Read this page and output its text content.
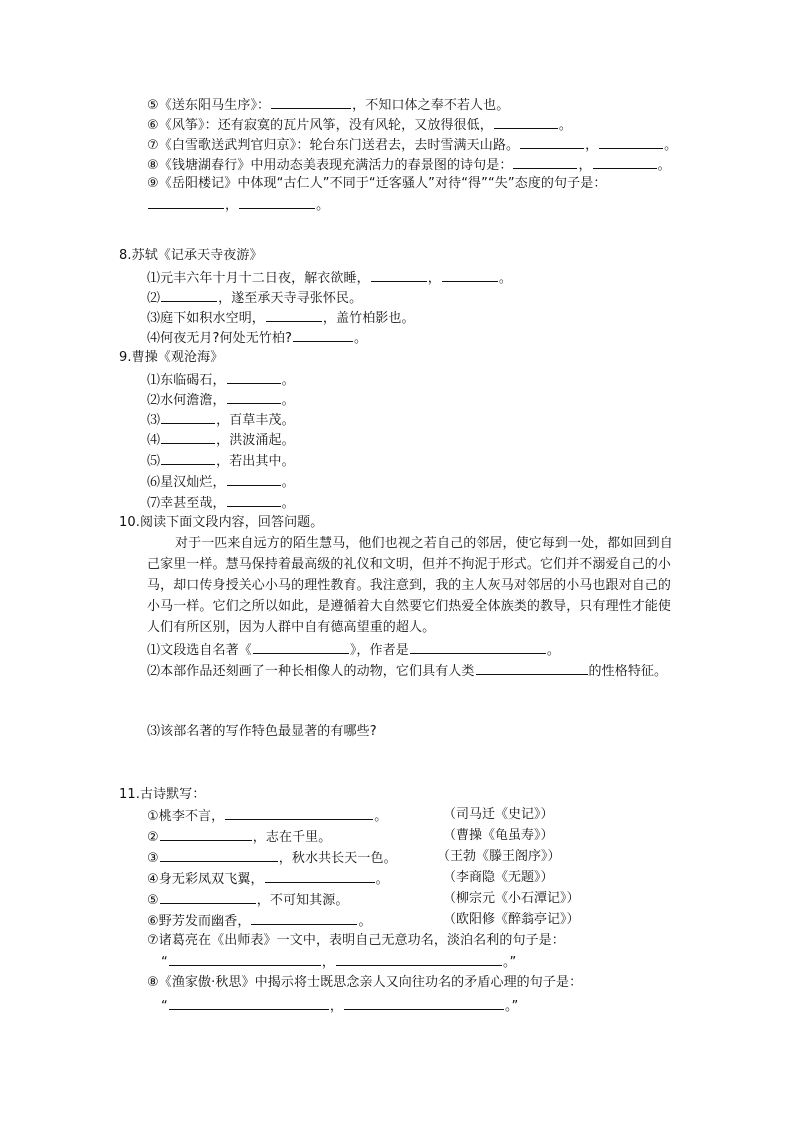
⑤《送东阳马生序》：	，不知口体之奉不若人也。
⑥《风筝》：还有寂寞的瓦片风筝，没有风轮，又放得很低，	。
⑦《白雪歌送武判官归京》：轮台东门送君去，去时雪满天山路。	，	。
⑧《钱塘湖春行》中用动态美表现充满活力的春景图的诗句是：	，	。
⑨《岳阳楼记》中体现“古仁人”不同于“迁客骚人”对待“得”“失”态度的句子是：
，	。
8.苏轼《记承天寺夜游》
⑴元丰六年十月十二日夜，解衣欲睡，	，	。
⑵	，遂至承天寺寻张怀民。
⑶庭下如积水空明，	，盖竹柏影也。
⑷何夜无月?何处无竹柏?	。
9.曹操《观沧海》
⑴东临碣石，	。
⑵水何澹澹，	。
⑶	，百草丰茂。
⑷	，洪波涌起。
⑸	，若出其中。
⑹星汉灿烂，	。
⑺幸甚至哉，	。
10.阅读下面文段内容，回答问题。
对于一匹来自远方的陌生慧马，他们也视之若自己的邻居，使它每到一处，都如回到自
己家里一样。慧马保持着最高级的礼仪和文明，但并不拘泥于形式。它们并不溺爱自己的小
马，却口传身授关心小马的理性教育。我注意到，我的主人灰马对邻居的小马也跟对自己的
小马一样。它们之所以如此，是遵循着大自然要它们热爱全体族类的教导，只有理性才能使
人们有所区别，因为人群中自有德高望重的超人。
⑴文段选自名著《	》，作者是	。
⑵本部作品还刻画了一种长相像人的动物，它们具有人类	的性格特征。
⑶该部名著的写作特色最显著的有哪些?
11.古诗默写：
①桃李不言，	。	（司马迁《史记》）
②	，志在千里。	（曹操《龟虽寿》）
③	，秋水共长天一色。	（王勃《滕王阁序》）
④身无彩凤双飞翼，	。	（李商隐《无题》）
⑤	，不可知其源。	（柳宗元《小石潭记》）
⑥野芳发而幽香，	。	（欧阳修《醉翁亭记》）
⑦诸葛亮在《出师表》一文中，表明自己无意功名，淡泊名利的句子是：
“	，	。”
⑧《渔家傲·秋思》中揭示将士既思念亲人又向往功名的矛盾心理的句子是：
“	，	。”
